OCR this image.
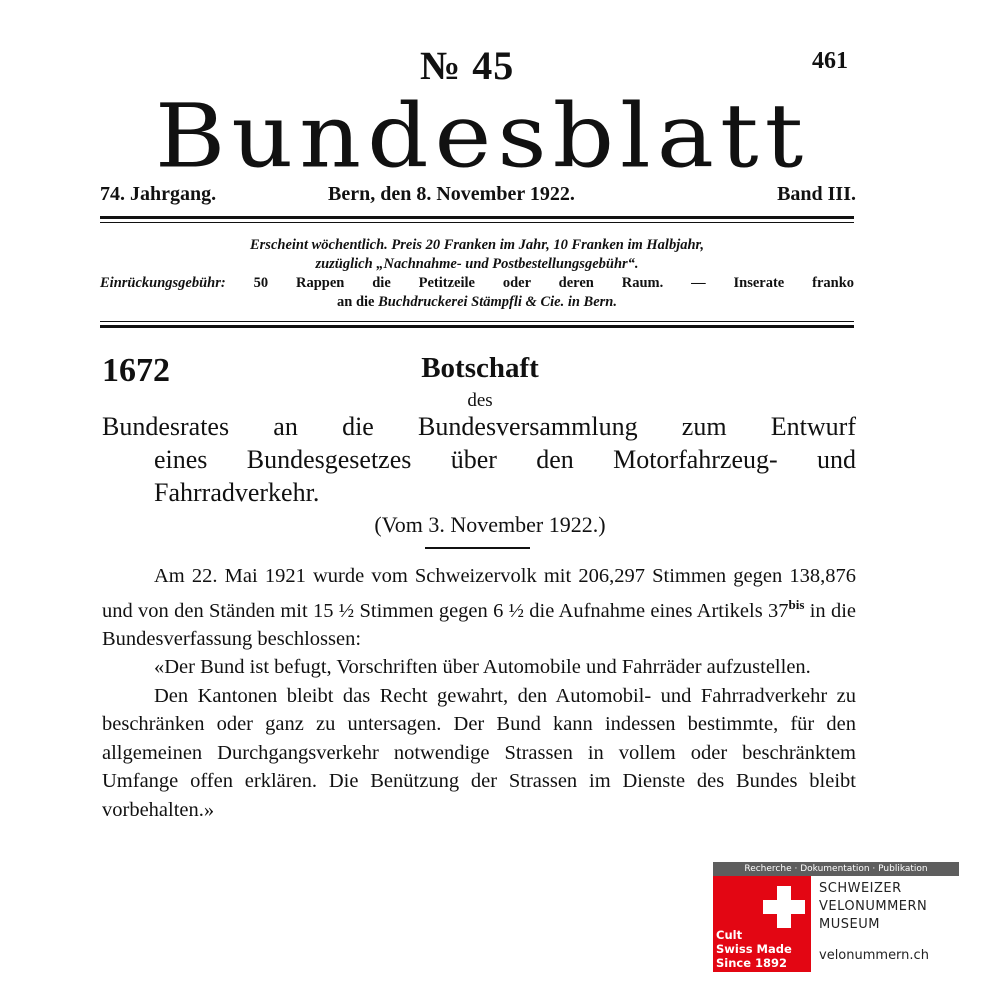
№ 45	461
Bundesblatt
74. Jahrgang.	Bern, den 8. November 1922.	Band III.
Erscheint wöchentlich. Preis 20 Franken im Jahr, 10 Franken im Halbjahr,
zuzüglich „Nachnahme- und Postbestellungsgebühr“.
Einrückungsgebühr: 50 Rappen die Petitzeile oder deren Raum. — Inserate franko
an die Buchdruckerei Stämpfli & Cie. in Bern.
1672	Botschaft
des
Bundesrates an die Bundesversammlung zum Entwurf
eines Bundesgesetzes über den Motorfahrzeug- und
Fahrradverkehr.
(Vom 3. November 1922.)

Am 22. Mai 1921 wurde vom Schweizervolk mit 206,297 Stimmen gegen 138,876 und von den Ständen mit 15 ½ Stimmen gegen 6 ½ die Aufnahme eines Artikels $37^{bis}$ in die Bundesverfassung beschlossen:

«Der Bund ist befugt, Vorschriften über Automobile und Fahrräder aufzustellen.

Den Kantonen bleibt das Recht gewahrt, den Automobil- und Fahrradverkehr zu beschränken oder ganz zu untersagen. Der Bund kann indessen bestimmte, für den allgemeinen Durchgangsverkehr notwendige Strassen in vollem oder beschränktem Umfange offen erklären. Die Benützung der Strassen im Dienste des Bundes bleibt vorbehalten.»

Recherche · Dokumentation · Publikation
Cult
Swiss Made
Since 1892
SCHWEIZER
VELONUMMERN
MUSEUM
velonummern.ch
